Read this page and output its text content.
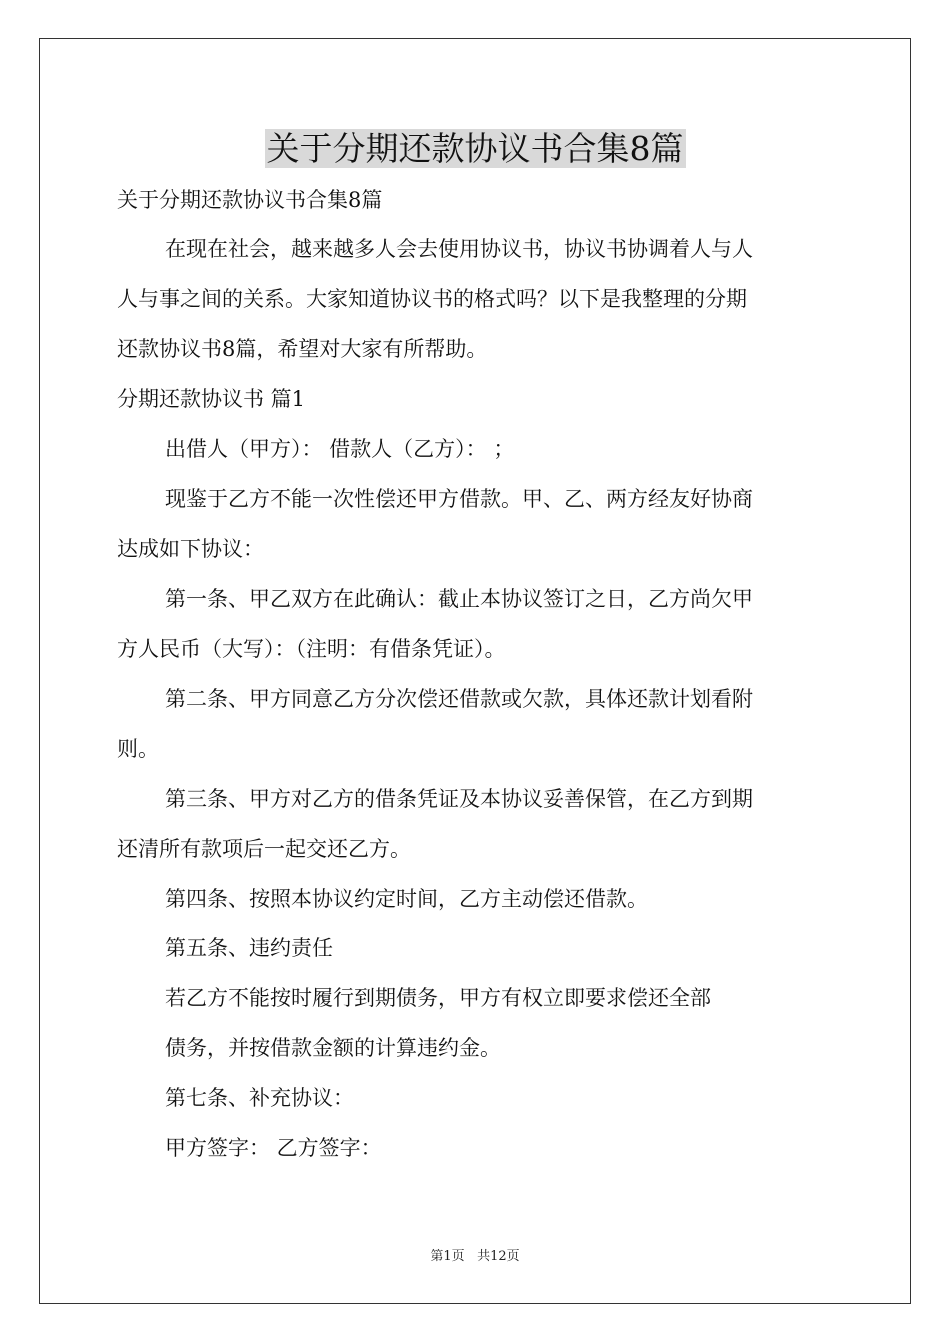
关于分期还款协议书合集8篇

关于分期还款协议书合集8篇

在现在社会，越来越多人会去使用协议书，协议书协调着人与人

人与事之间的关系。大家知道协议书的格式吗？以下是我整理的分期

还款协议书8篇，希望对大家有所帮助。

分期还款协议书 篇1

出借人（甲方）： 借款人（乙方）： ；

现鉴于乙方不能一次性偿还甲方借款。甲、乙、两方经友好协商

达成如下协议：

第一条、甲乙双方在此确认：截止本协议签订之日，乙方尚欠甲

方人民币（大写）：（注明：有借条凭证）。

第二条、甲方同意乙方分次偿还借款或欠款，具体还款计划看附

则。

第三条、甲方对乙方的借条凭证及本协议妥善保管，在乙方到期

还清所有款项后一起交还乙方。

第四条、按照本协议约定时间，乙方主动偿还借款。

第五条、违约责任

若乙方不能按时履行到期债务，甲方有权立即要求偿还全部

债务，并按借款金额的计算违约金。

第七条、补充协议：

甲方签字： 乙方签字：

第1页 共12页
